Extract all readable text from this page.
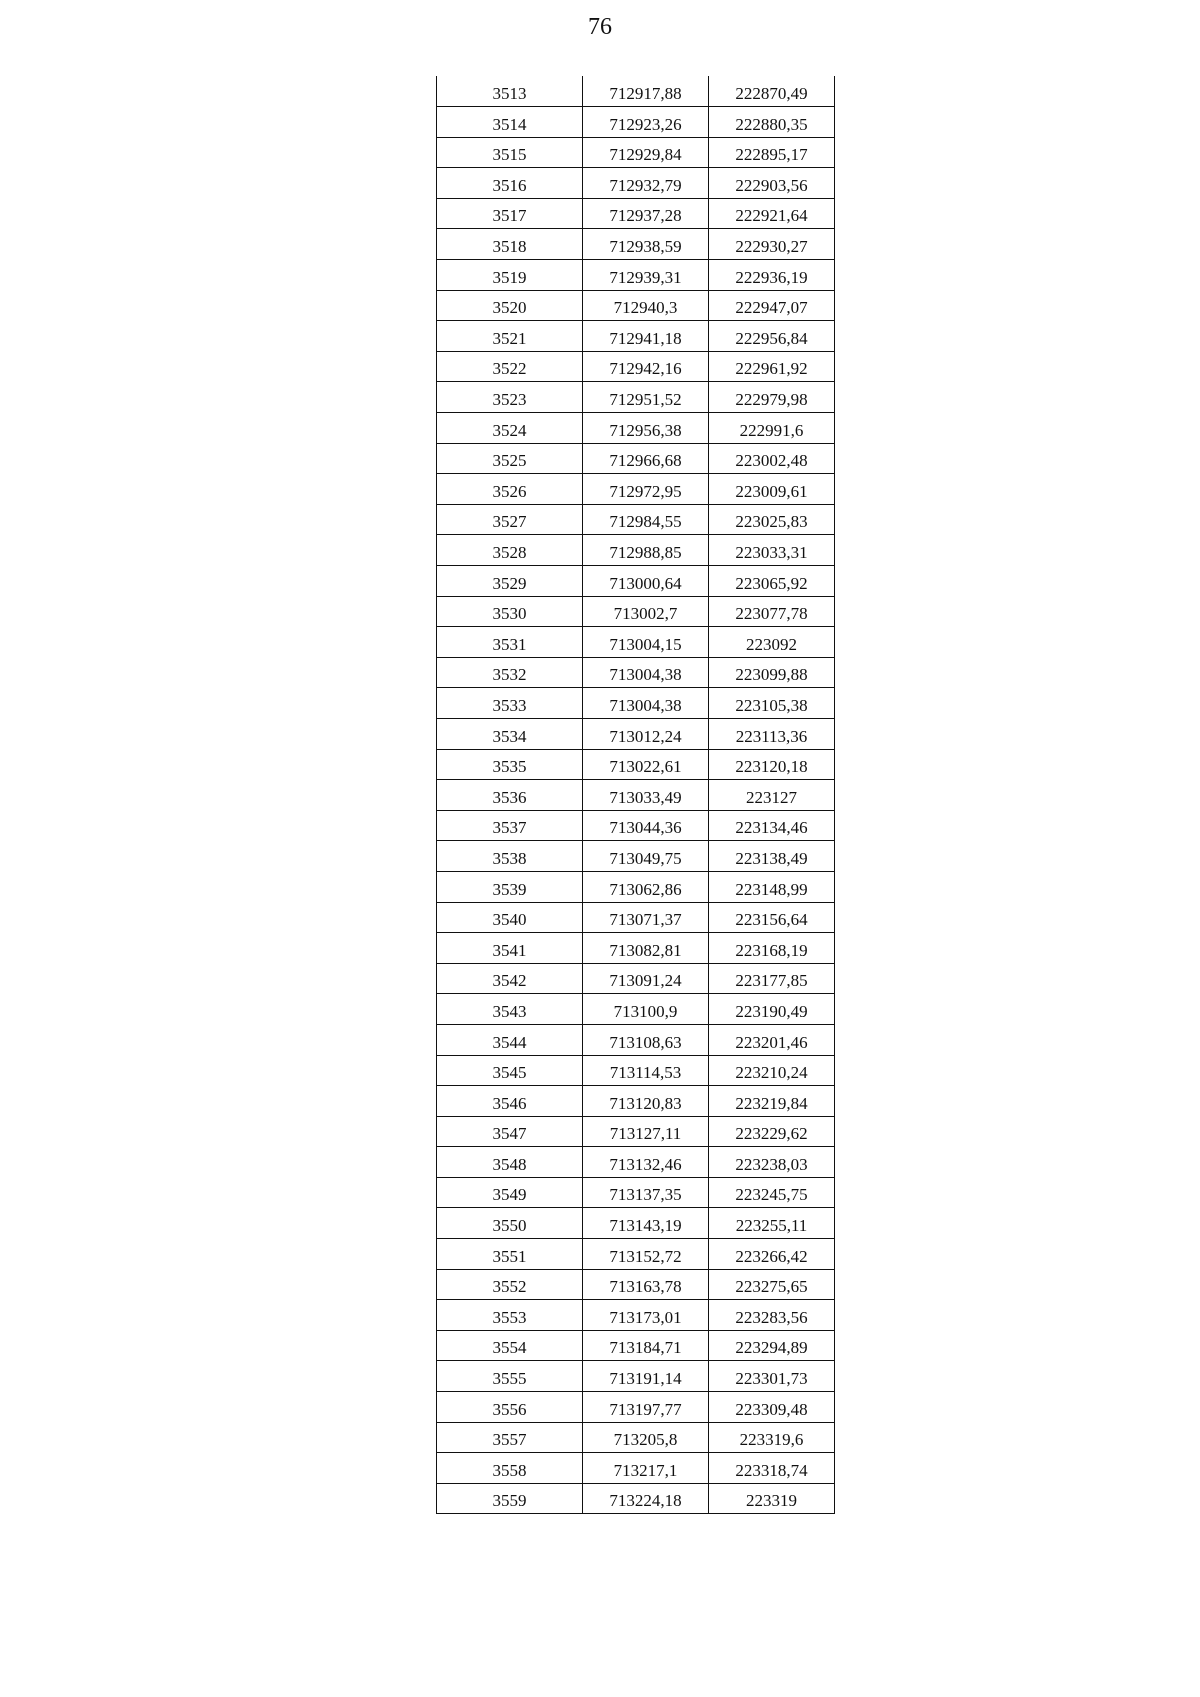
76
3513	712917,88	222870,49
3514	712923,26	222880,35
3515	712929,84	222895,17
3516	712932,79	222903,56
3517	712937,28	222921,64
3518	712938,59	222930,27
3519	712939,31	222936,19
3520	712940,3	222947,07
3521	712941,18	222956,84
3522	712942,16	222961,92
3523	712951,52	222979,98
3524	712956,38	222991,6
3525	712966,68	223002,48
3526	712972,95	223009,61
3527	712984,55	223025,83
3528	712988,85	223033,31
3529	713000,64	223065,92
3530	713002,7	223077,78
3531	713004,15	223092
3532	713004,38	223099,88
3533	713004,38	223105,38
3534	713012,24	223113,36
3535	713022,61	223120,18
3536	713033,49	223127
3537	713044,36	223134,46
3538	713049,75	223138,49
3539	713062,86	223148,99
3540	713071,37	223156,64
3541	713082,81	223168,19
3542	713091,24	223177,85
3543	713100,9	223190,49
3544	713108,63	223201,46
3545	713114,53	223210,24
3546	713120,83	223219,84
3547	713127,11	223229,62
3548	713132,46	223238,03
3549	713137,35	223245,75
3550	713143,19	223255,11
3551	713152,72	223266,42
3552	713163,78	223275,65
3553	713173,01	223283,56
3554	713184,71	223294,89
3555	713191,14	223301,73
3556	713197,77	223309,48
3557	713205,8	223319,6
3558	713217,1	223318,74
3559	713224,18	223319
